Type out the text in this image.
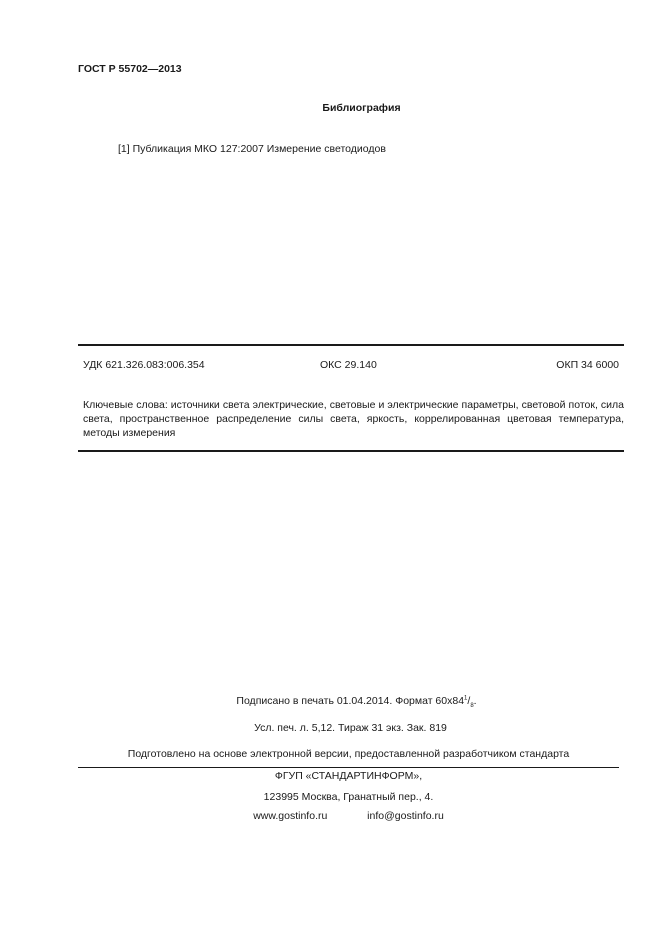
ГОСТ Р 55702—2013
Библиография
[1] Публикация МКО 127:2007 Измерение светодиодов
УДК 621.326.083:006.354	ОКС 29.140	ОКП 34 6000
Ключевые слова: источники света электрические, световые и электрические параметры, световой поток, сила света, пространственное распределение силы света, яркость, коррелированная цветовая температура, методы измерения
Подписано в печать 01.04.2014. Формат $60х84^1/_8$.
Усл. печ. л. 5,12. Тираж 31 экз. Зак. 819
Подготовлено на основе электронной версии, предоставленной разработчиком стандарта
ФГУП «СТАНДАРТИНФОРМ»,
123995 Москва, Гранатный пер., 4.
www.gostinfo.ru	info@gostinfo.ru
